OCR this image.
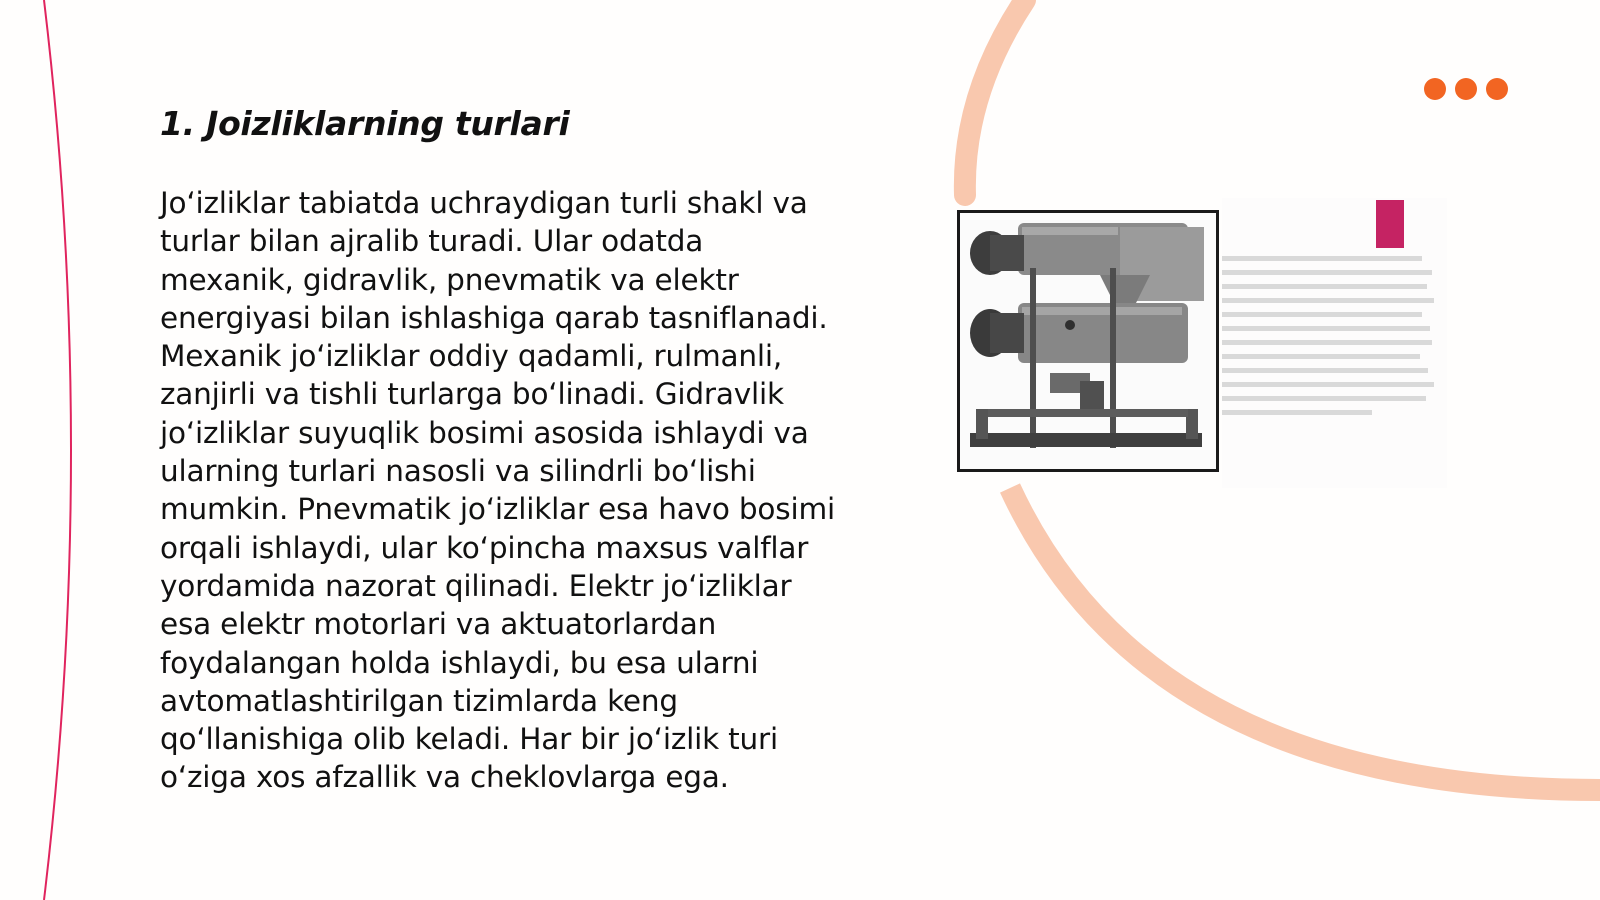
1. Joizliklarning turlari

Jo‘izliklar tabiatda uchraydigan turli shakl va turlar bilan ajralib turadi. Ular odatda mexanik, gidravlik, pnevmatik va elektr energiyasi bilan ishlashiga qarab tasniflanadi. Mexanik jo‘izliklar oddiy qadamli, rulmanli, zanjirli va tishli turlarga bo‘linadi. Gidravlik jo‘izliklar suyuqlik bosimi asosida ishlaydi va ularning turlari nasosli va silindrli bo‘lishi mumkin. Pnevmatik jo‘izliklar esa havo bosimi orqali ishlaydi, ular ko‘pincha maxsus valflar yordamida nazorat qilinadi. Elektr jo‘izliklar esa elektr motorlari va aktuatorlardan foydalangan holda ishlaydi, bu esa ularni avtomatlashtirilgan tizimlarda keng qo‘llanishiga olib keladi. Har bir jo‘izlik turi o‘ziga xos afzallik va cheklovlarga ega.
